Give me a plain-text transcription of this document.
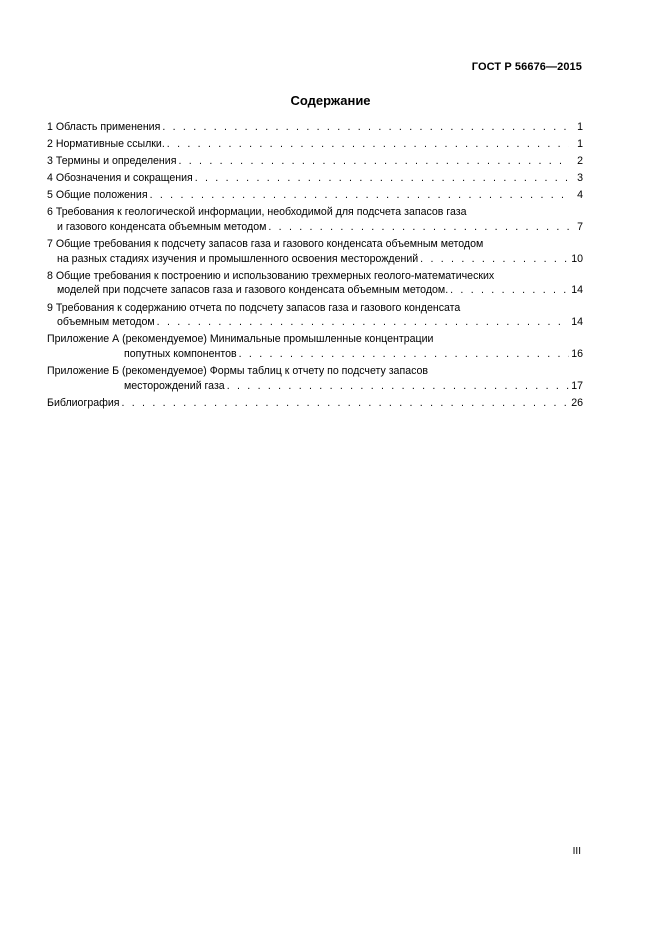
ГОСТ Р 56676—2015
Содержание
1 Область применения . . .	1
2 Нормативные ссылки. . . .	1
3 Термины и определения . . .	2
4 Обозначения и сокращения . . .	3
5 Общие положения . . .	4
6 Требования к геологической информации, необходимой для подсчета запасов газа
и газового конденсата объемным методом . . .	7
7 Общие требования к подсчету запасов газа и газового конденсата объемным методом
на разных стадиях изучения и промышленного освоения месторождений . . .	10
8 Общие требования к построению и использованию трехмерных геолого-математических
моделей при подсчете запасов газа и газового конденсата объемным методом. . . .	14
9 Требования к содержанию отчета по подсчету запасов газа и газового конденсата
объемным методом . . .	14
Приложение А (рекомендуемое) Минимальные промышленные концентрации
попутных компонентов . . .	16
Приложение Б (рекомендуемое) Формы таблиц к отчету по подсчету запасов
месторождений газа . . .	17
Библиография . . .	26
III
